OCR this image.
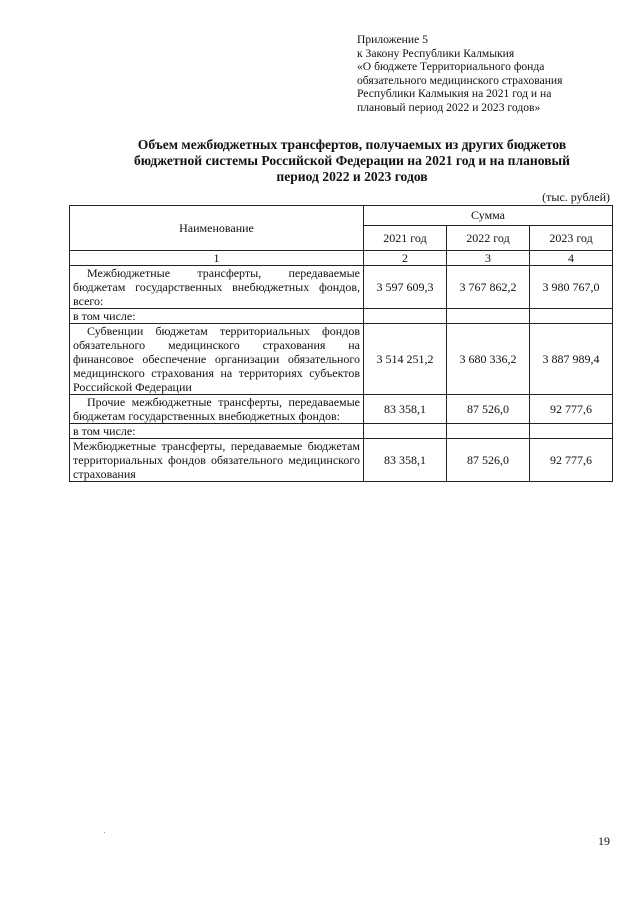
Приложение 5
к Закону Республики Калмыкия
«О бюджете Территориального фонда
обязательного медицинского страхования
Республики Калмыкия на 2021 год и на
плановый период 2022 и 2023 годов»
Объем межбюджетных трансфертов, получаемых из других бюджетов
бюджетной системы Российской Федерации на 2021 год и на плановый
период 2022 и 2023 годов
(тыс. рублей)
Наименование	Сумма		
	2021 год	2022 год	2023 год
1	2	3	4
Межбюджетные трансферты, передаваемые бюджетам государственных внебюджетных фондов, всего:	3 597 609,3	3 767 862,2	3 980 767,0
в том числе:			
Субвенции бюджетам территориальных фондов обязательного медицинского страхования на финансовое обеспечение организации обязательного медицинского страхования на территориях субъектов Российской Федерации	3 514 251,2	3 680 336,2	3 887 989,4
Прочие межбюджетные трансферты, передаваемые бюджетам государственных внебюджетных фондов:	83 358,1	87 526,0	92 777,6
в том числе:			
Межбюджетные трансферты, передаваемые бюджетам территориальных фондов обязательного медицинского страхования	83 358,1	87 526,0	92 777,6
19
